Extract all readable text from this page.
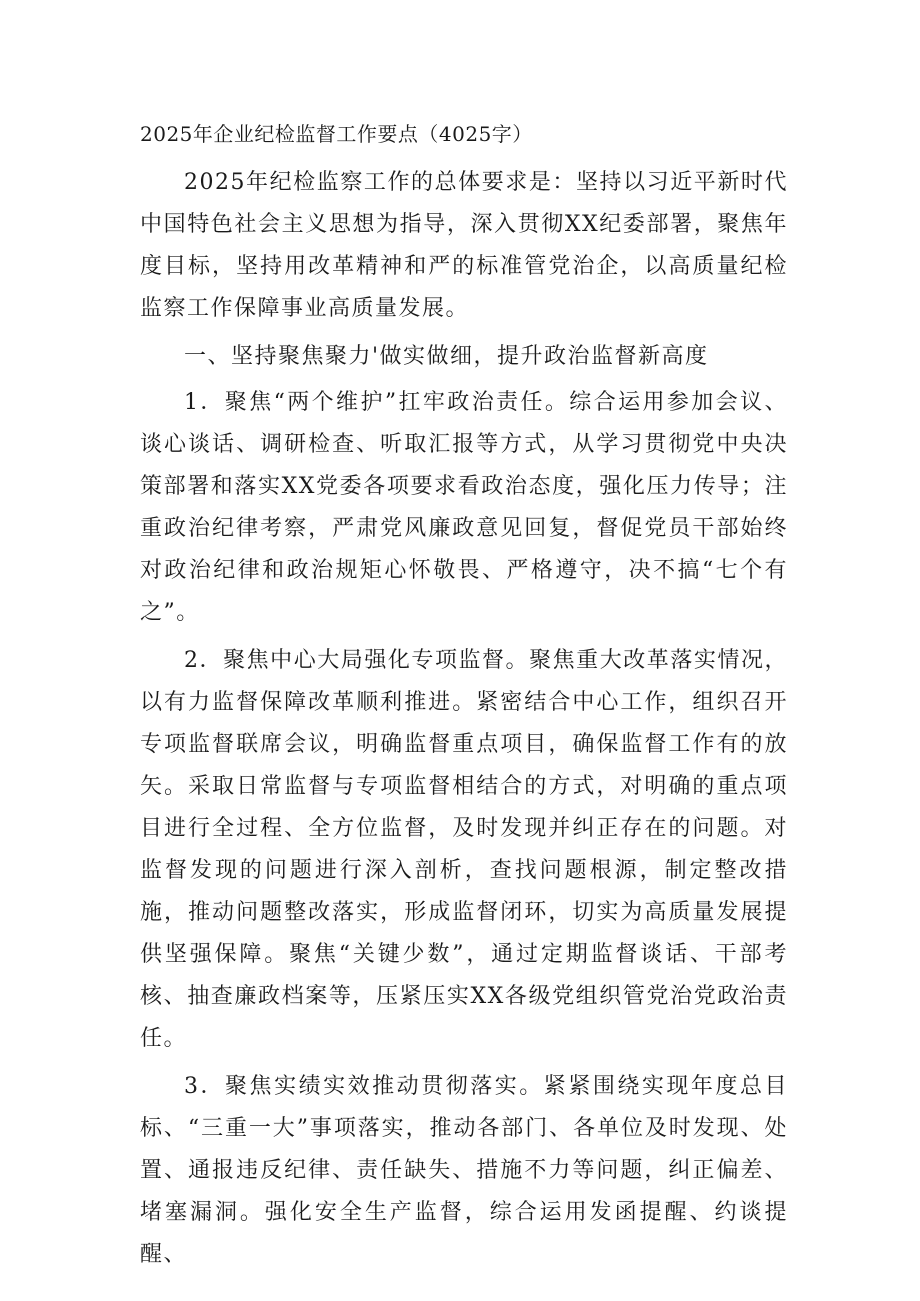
2025年企业纪检监督工作要点（4025字）

2025年纪检监察工作的总体要求是：坚持以习近平新时代中国特色社会主义思想为指导，深入贯彻XX纪委部署，聚焦年度目标，坚持用改革精神和严的标准管党治企，以高质量纪检监察工作保障事业高质量发展。

一、坚持聚焦聚力'做实做细，提升政治监督新高度

1．聚焦“两个维护”扛牢政治责任。综合运用参加会议、谈心谈话、调研检查、听取汇报等方式，从学习贯彻党中央决策部署和落实XX党委各项要求看政治态度，强化压力传导；注重政治纪律考察，严肃党风廉政意见回复，督促党员干部始终对政治纪律和政治规矩心怀敬畏、严格遵守，决不搞“七个有之”。

2．聚焦中心大局强化专项监督。聚焦重大改革落实情况，以有力监督保障改革顺利推进。紧密结合中心工作，组织召开专项监督联席会议，明确监督重点项目，确保监督工作有的放矢。采取日常监督与专项监督相结合的方式，对明确的重点项目进行全过程、全方位监督，及时发现并纠正存在的问题。对监督发现的问题进行深入剖析，查找问题根源，制定整改措施，推动问题整改落实，形成监督闭环，切实为高质量发展提供坚强保障。聚焦“关键少数”，通过定期监督谈话、干部考核、抽查廉政档案等，压紧压实XX各级党组织管党治党政治责任。

3．聚焦实绩实效推动贯彻落实。紧紧围绕实现年度总目标、“三重一大”事项落实，推动各部门、各单位及时发现、处置、通报违反纪律、责任缺失、措施不力等问题，纠正偏差、堵塞漏洞。强化安全生产监督，综合运用发函提醒、约谈提醒、
